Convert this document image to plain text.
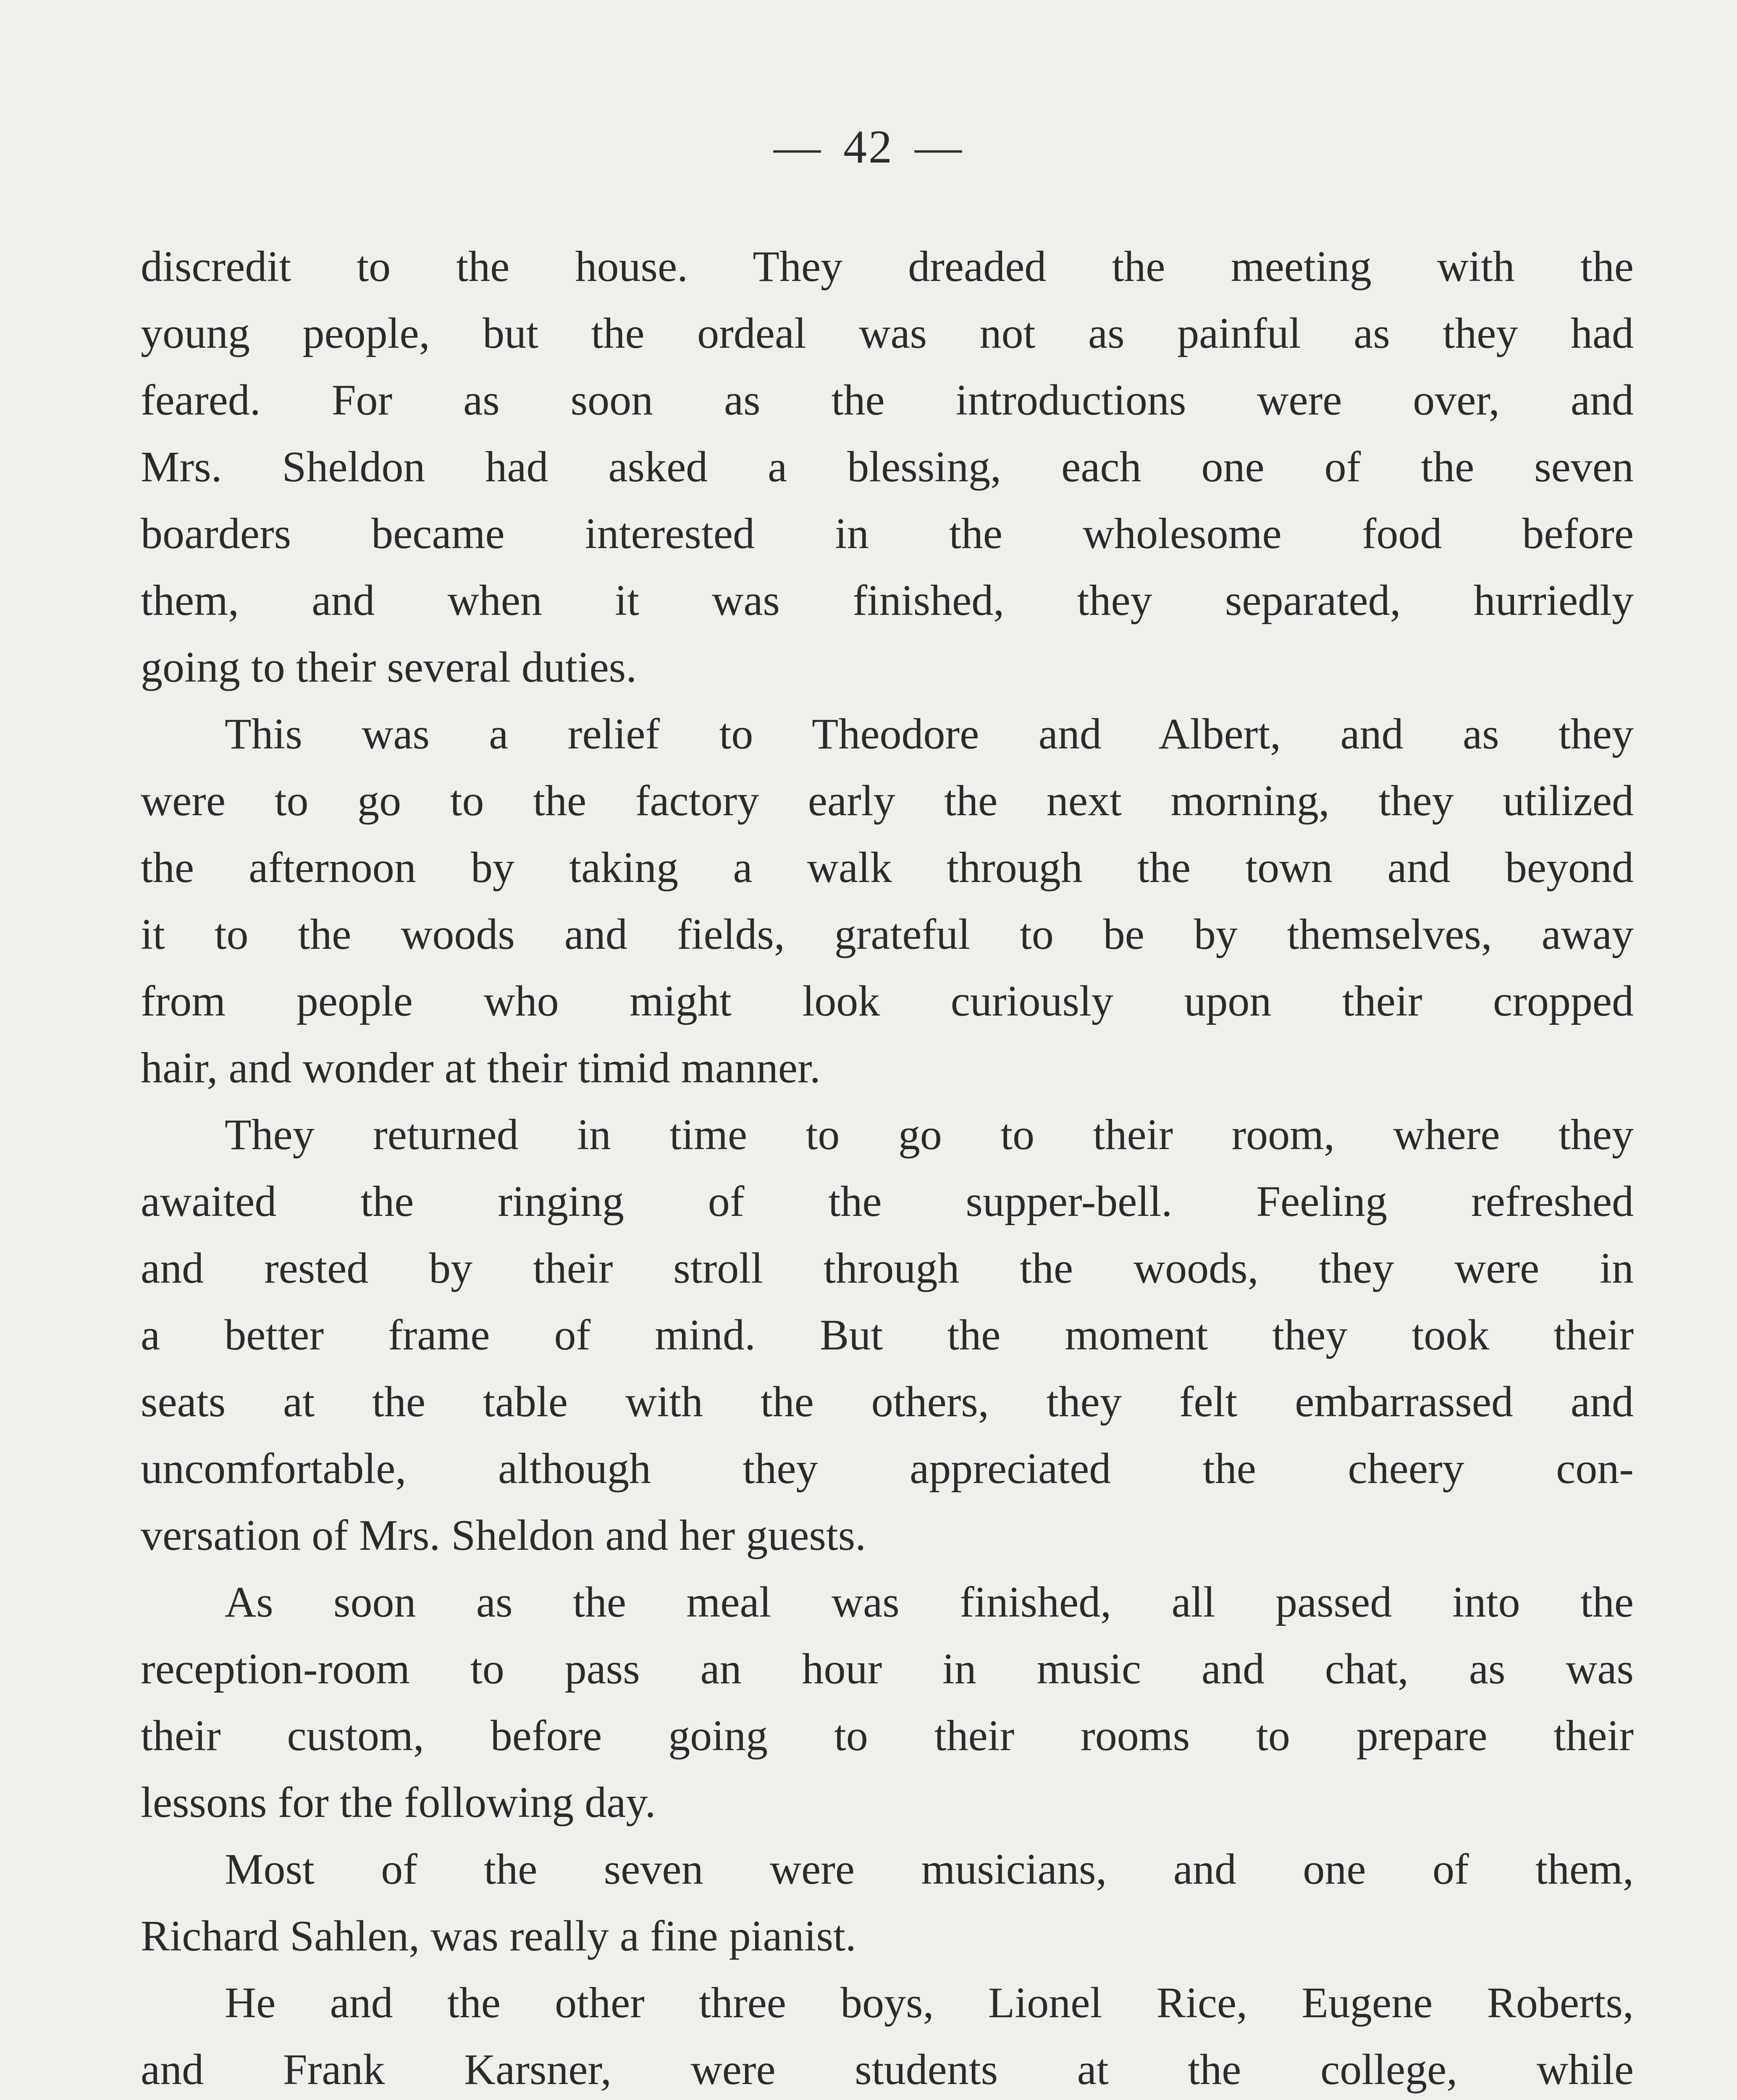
— 42 —
discredit to the house. They dreaded the meeting with the
young people, but the ordeal was not as painful as they had
feared. For as soon as the introductions were over, and
Mrs. Sheldon had asked a blessing, each one of the seven
boarders became interested in the wholesome food before
them, and when it was finished, they separated, hurriedly
going to their several duties.
This was a relief to Theodore and Albert, and as they
were to go to the factory early the next morning, they utilized
the afternoon by taking a walk through the town and beyond
it to the woods and fields, grateful to be by themselves, away
from people who might look curiously upon their cropped
hair, and wonder at their timid manner.
They returned in time to go to their room, where they
awaited the ringing of the supper-bell. Feeling refreshed
and rested by their stroll through the woods, they were in
a better frame of mind. But the moment they took their
seats at the table with the others, they felt embarrassed and
uncomfortable, although they appreciated the cheery con-
versation of Mrs. Sheldon and her guests.
As soon as the meal was finished, all passed into the
reception-room to pass an hour in music and chat, as was
their custom, before going to their rooms to prepare their
lessons for the following day.
Most of the seven were musicians, and one of them,
Richard Sahlen, was really a fine pianist.
He and the other three boys, Lionel Rice, Eugene Roberts,
and Frank Karsner, were students at the college, while
